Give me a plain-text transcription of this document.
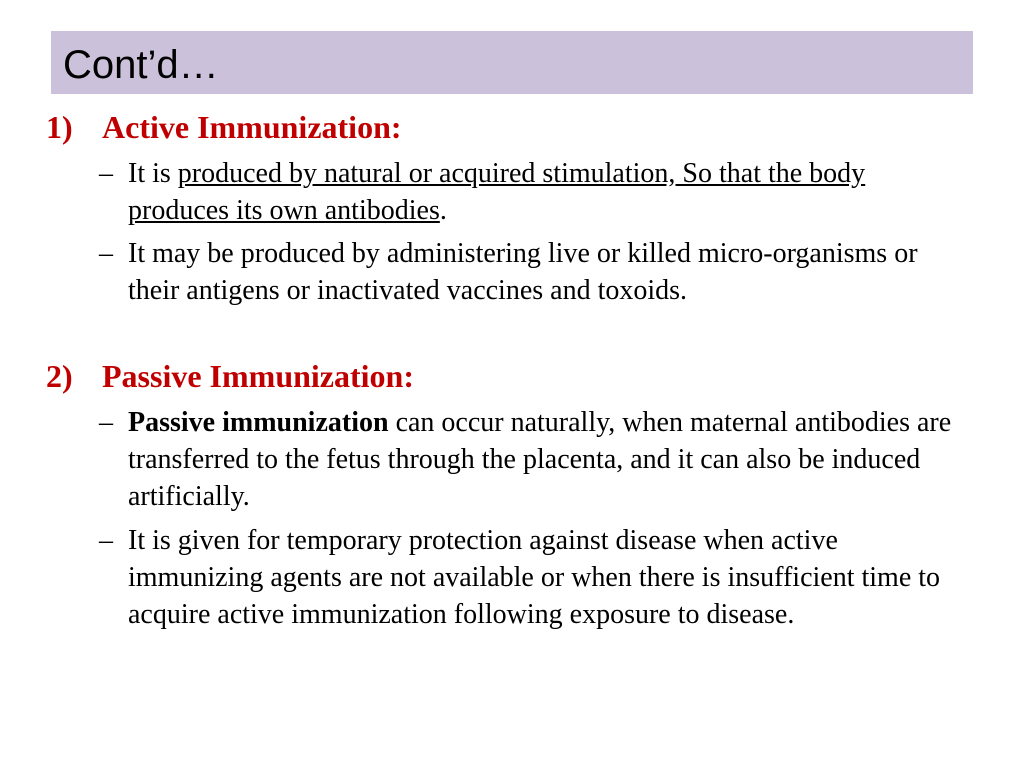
Cont’d…
1) Active Immunization:
– It is produced by natural or acquired stimulation, So that the body produces its own antibodies.
– It may be produced by administering live or killed micro-organisms or their antigens or inactivated vaccines and toxoids.
2) Passive Immunization:
– Passive immunization can occur naturally, when maternal antibodies are transferred to the fetus through the placenta, and it can also be induced artificially.
– It is given for temporary protection against disease when active immunizing agents are not available or when there is insufficient time to acquire active immunization following exposure to disease.
